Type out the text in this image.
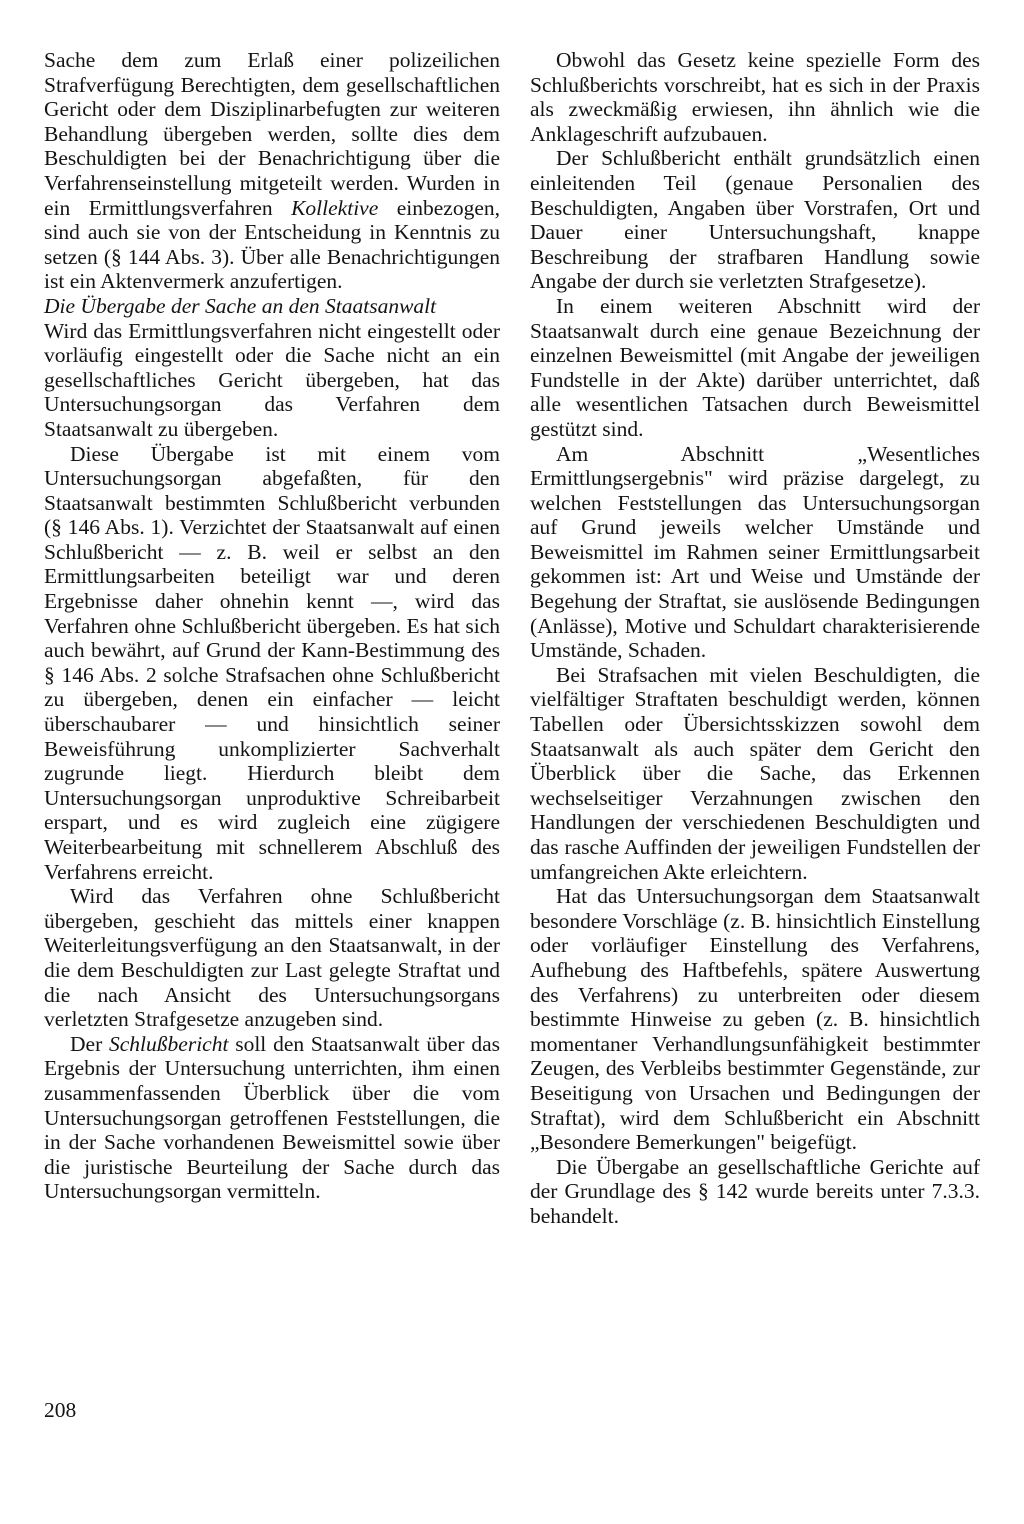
Sache dem zum Erlaß einer polizeilichen Strafverfügung Berechtigten, dem gesellschaftlichen Gericht oder dem Disziplinarbefugten zur weiteren Behandlung übergeben werden, sollte dies dem Beschuldigten bei der Benachrichtigung über die Verfahrenseinstellung mitgeteilt werden. Wurden in ein Ermittlungsverfahren Kollektive einbezogen, sind auch sie von der Entscheidung in Kenntnis zu setzen (§ 144 Abs. 3). Über alle Benachrichtigungen ist ein Aktenvermerk anzufertigen.

Die Übergabe der Sache an den Staatsanwalt

Wird das Ermittlungsverfahren nicht eingestellt oder vorläufig eingestellt oder die Sache nicht an ein gesellschaftliches Gericht übergeben, hat das Untersuchungsorgan das Verfahren dem Staatsanwalt zu übergeben.

Diese Übergabe ist mit einem vom Untersuchungsorgan abgefaßten, für den Staatsanwalt bestimmten Schlußbericht verbunden (§ 146 Abs. 1). Verzichtet der Staatsanwalt auf einen Schlußbericht — z. B. weil er selbst an den Ermittlungsarbeiten beteiligt war und deren Ergebnisse daher ohnehin kennt —, wird das Verfahren ohne Schlußbericht übergeben. Es hat sich auch bewährt, auf Grund der Kann-Bestimmung des § 146 Abs. 2 solche Strafsachen ohne Schlußbericht zu übergeben, denen ein einfacher — leicht überschaubarer — und hinsichtlich seiner Beweisführung unkomplizierter Sachverhalt zugrunde liegt. Hierdurch bleibt dem Untersuchungsorgan unproduktive Schreibarbeit erspart, und es wird zugleich eine zügigere Weiterbearbeitung mit schnellerem Abschluß des Verfahrens erreicht.

Wird das Verfahren ohne Schlußbericht übergeben, geschieht das mittels einer knappen Weiterleitungsverfügung an den Staatsanwalt, in der die dem Beschuldigten zur Last gelegte Straftat und die nach Ansicht des Untersuchungsorgans verletzten Strafgesetze anzugeben sind.

Der Schlußbericht soll den Staatsanwalt über das Ergebnis der Untersuchung unterrichten, ihm einen zusammenfassenden Überblick über die vom Untersuchungsorgan getroffenen Feststellungen, die in der Sache vorhandenen Beweismittel sowie über die juristische Beurteilung der Sache durch das Untersuchungsorgan vermitteln.

Obwohl das Gesetz keine spezielle Form des Schlußberichts vorschreibt, hat es sich in der Praxis als zweckmäßig erwiesen, ihn ähnlich wie die Anklageschrift aufzubauen.

Der Schlußbericht enthält grundsätzlich einen einleitenden Teil (genaue Personalien des Beschuldigten, Angaben über Vorstrafen, Ort und Dauer einer Untersuchungshaft, knappe Beschreibung der strafbaren Handlung sowie Angabe der durch sie verletzten Strafgesetze).

In einem weiteren Abschnitt wird der Staatsanwalt durch eine genaue Bezeichnung der einzelnen Beweismittel (mit Angabe der jeweiligen Fundstelle in der Akte) darüber unterrichtet, daß alle wesentlichen Tatsachen durch Beweismittel gestützt sind.

Am Abschnitt „Wesentliches Ermittlungsergebnis" wird präzise dargelegt, zu welchen Feststellungen das Untersuchungsorgan auf Grund jeweils welcher Umstände und Beweismittel im Rahmen seiner Ermittlungsarbeit gekommen ist: Art und Weise und Umstände der Begehung der Straftat, sie auslösende Bedingungen (Anlässe), Motive und Schuldart charakterisierende Umstände, Schaden.

Bei Strafsachen mit vielen Beschuldigten, die vielfältiger Straftaten beschuldigt werden, können Tabellen oder Übersichtsskizzen sowohl dem Staatsanwalt als auch später dem Gericht den Überblick über die Sache, das Erkennen wechselseitiger Verzahnungen zwischen den Handlungen der verschiedenen Beschuldigten und das rasche Auffinden der jeweiligen Fundstellen der umfangreichen Akte erleichtern.

Hat das Untersuchungsorgan dem Staatsanwalt besondere Vorschläge (z. B. hinsichtlich Einstellung oder vorläufiger Einstellung des Verfahrens, Aufhebung des Haftbefehls, spätere Auswertung des Verfahrens) zu unterbreiten oder diesem bestimmte Hinweise zu geben (z. B. hinsichtlich momentaner Verhandlungsunfähigkeit bestimmter Zeugen, des Verbleibs bestimmter Gegenstände, zur Beseitigung von Ursachen und Bedingungen der Straftat), wird dem Schlußbericht ein Abschnitt „Besondere Bemerkungen" beigefügt.

Die Übergabe an gesellschaftliche Gerichte auf der Grundlage des § 142 wurde bereits unter 7.3.3. behandelt.

208
